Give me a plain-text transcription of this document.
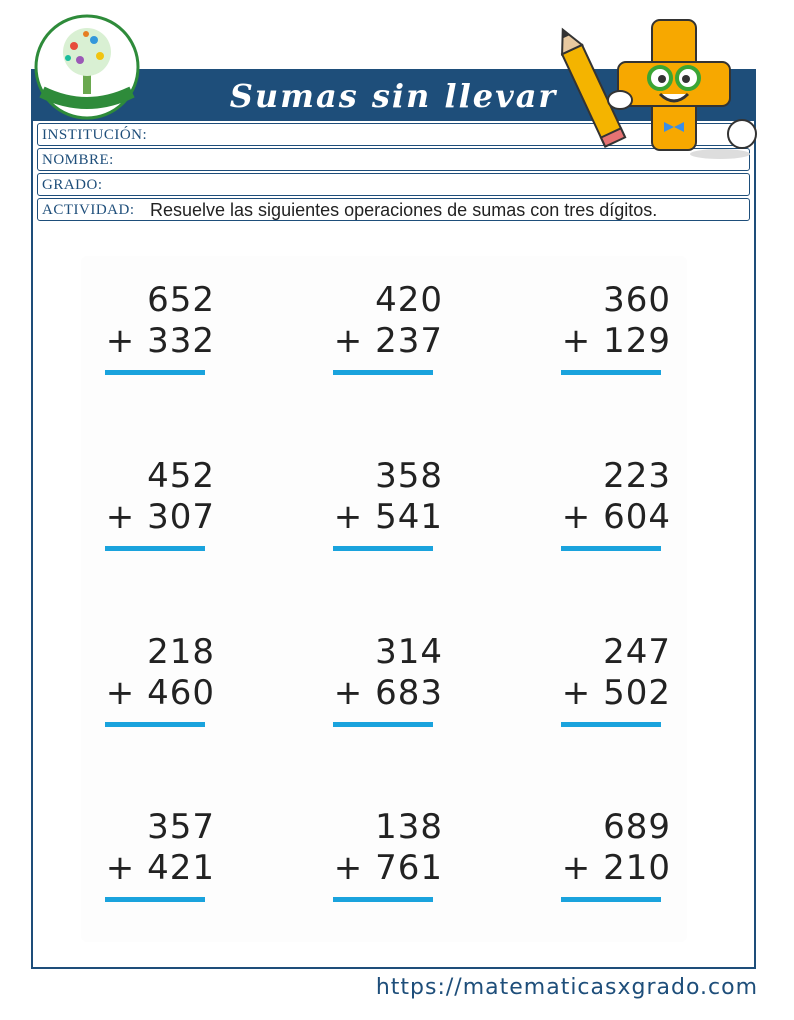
Sumas sin llevar
INSTITUCIÓN:
NOMBRE:
GRADO:
ACTIVIDAD: Resuelve las siguientes operaciones de sumas con tres dígitos.
652
+ 332
420
+ 237
360
+ 129
452
+ 307
358
+ 541
223
+ 604
218
+ 460
314
+ 683
247
+ 502
357
+ 421
138
+ 761
689
+ 210
https://matematicasxgrado.com
